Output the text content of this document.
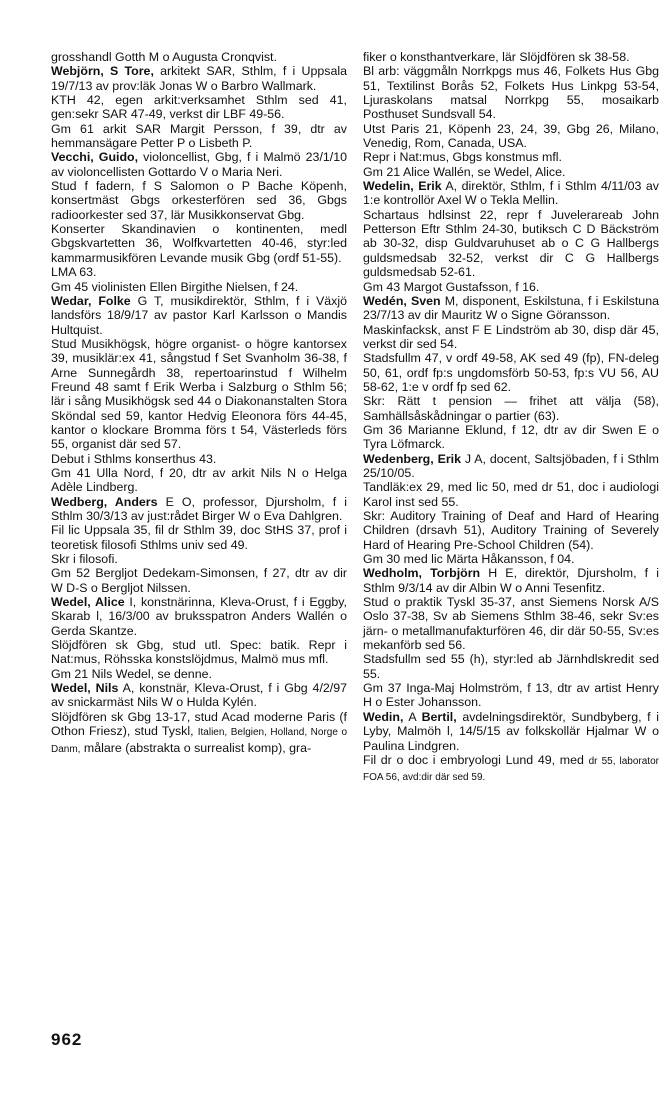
grosshandl Gotth M o Augusta Cronqvist.

Webjörn, S Tore, arkitekt SAR, Sthlm, f i Uppsala 19/7/13 av prov:läk Jonas W o Barbro Wallmark.

KTH 42, egen arkit:verksamhet Sthlm sed 41, gen:sekr SAR 47-49, verkst dir LBF 49-56.

Gm 61 arkit SAR Margit Persson, f 39, dtr av hemmansägare Petter P o Lisbeth P.

Vecchi, Guido, violoncellist, Gbg, f i Malmö 23/1/10 av violoncellisten Gottardo V o Maria Neri.

Stud f fadern, f S Salomon o P Bache Köpenh, konsertmäst Gbgs orkesterfören sed 36, Gbgs radioorkester sed 37, lär Musikkonservat Gbg.

Konserter Skandinavien o kontinenten, medl Gbgskvartetten 36, Wolfkvartetten 40-46, styr:led kammarmusikfören Levande musik Gbg (ordf 51-55).

LMA 63.

Gm 45 violinisten Ellen Birgithe Nielsen, f 24.

Wedar, Folke G T, musikdirektör, Sthlm, f i Växjö landsförs 18/9/17 av pastor Karl Karlsson o Mandis Hultquist.

Stud Musikhögsk, högre organist- o högre kantorsex 39, musiklär:ex 41, sångstud f Set Svanholm 36-38, f Arne Sunnegårdh 38, repertoarinstud f Wilhelm Freund 48 samt f Erik Werba i Salzburg o Sthlm 56; lär i sång Musikhögsk sed 44 o Diakonanstalten Stora Sköndal sed 59, kantor Hedvig Eleonora förs 44-45, kantor o klockare Bromma förs t 54, Västerleds förs 55, organist där sed 57.

Debut i Sthlms konserthus 43.

Gm 41 Ulla Nord, f 20, dtr av arkit Nils N o Helga Adèle Lindberg.

Wedberg, Anders E O, professor, Djursholm, f i Sthlm 30/3/13 av just:rådet Birger W o Eva Dahlgren.

Fil lic Uppsala 35, fil dr Sthlm 39, doc StHS 37, prof i teoretisk filosofi Sthlms univ sed 49.

Skr i filosofi.

Gm 52 Bergljot Dedekam-Simonsen, f 27, dtr av dir W D-S o Bergljot Nilssen.

Wedel, Alice I, konstnärinna, Kleva-Orust, f i Eggby, Skarab l, 16/3/00 av bruksspatron Anders Wallén o Gerda Skantze.

Slöjdfören sk Gbg, stud utl. Spec: batik. Repr i Nat:mus, Röhsska konstslöjdmus, Malmö mus mfl.

Gm 21 Nils Wedel, se denne.

Wedel, Nils A, konstnär, Kleva-Orust, f i Gbg 4/2/97 av snickarmäst Nils W o Hulda Kylén.

Slöjdfören sk Gbg 13-17, stud Acad moderne Paris (f Othon Friesz), stud Tyskl, Italien, Belgien, Holland, Norge o Danm, målare (abstrakta o surrealist komp), gra-

fiker o konsthantverkare, lär Slöjdfören sk 38-58.

Bl arb: väggmåln Norrkpgs mus 46, Folkets Hus Gbg 51, Textilinst Borås 52, Folkets Hus Linkpg 53-54, Ljuraskolans matsal Norrkpg 55, mosaikarb Posthuset Sundsvall 54.

Utst Paris 21, Köpenh 23, 24, 39, Gbg 26, Milano, Venedig, Rom, Canada, USA.

Repr i Nat:mus, Gbgs konstmus mfl.

Gm 21 Alice Wallén, se Wedel, Alice.

Wedelin, Erik A, direktör, Sthlm, f i Sthlm 4/11/03 av 1:e kontrollör Axel W o Tekla Mellin.

Schartaus hdlsinst 22, repr f Juvelerareab John Petterson Eftr Sthlm 24-30, butiksch C D Bäckström ab 30-32, disp Guldvaruhuset ab o C G Hallbergs guldsmedsab 32-52, verkst dir C G Hallbergs guldsmedsab 52-61.

Gm 43 Margot Gustafsson, f 16.

Wedén, Sven M, disponent, Eskilstuna, f i Eskilstuna 23/7/13 av dir Mauritz W o Signe Göransson.

Maskinfacksk, anst F E Lindström ab 30, disp där 45, verkst dir sed 54.

Stadsfullm 47, v ordf 49-58, AK sed 49 (fp), FN-deleg 50, 61, ordf fp:s ungdomsförb 50-53, fp:s VU 56, AU 58-62, 1:e v ordf fp sed 62.

Skr: Rätt t pension — frihet att välja (58), Samhällsåskådningar o partier (63).

Gm 36 Marianne Eklund, f 12, dtr av dir Swen E o Tyra Löfmarck.

Wedenberg, Erik J A, docent, Saltsjöbaden, f i Sthlm 25/10/05.

Tandläk:ex 29, med lic 50, med dr 51, doc i audiologi Karol inst sed 55.

Skr: Auditory Training of Deaf and Hard of Hearing Children (drsavh 51), Auditory Training of Severely Hard of Hearing Pre-School Children (54).

Gm 30 med lic Märta Håkansson, f 04.

Wedholm, Torbjörn H E, direktör, Djursholm, f i Sthlm 9/3/14 av dir Albin W o Anni Tesenfitz.

Stud o praktik Tyskl 35-37, anst Siemens Norsk A/S Oslo 37-38, Sv ab Siemens Sthlm 38-46, sekr Sv:es järn- o metallmanufakturfören 46, dir där 50-55, Sv:es mekanförb sed 56.

Stadsfullm sed 55 (h), styr:led ab Järnhdlskredit sed 55.

Gm 37 Inga-Maj Holmström, f 13, dtr av artist Henry H o Ester Johansson.

Wedin, A Bertil, avdelningsdirektör, Sundbyberg, f i Lyby, Malmöh l, 14/5/15 av folkskollär Hjalmar W o Paulina Lindgren.

Fil dr o doc i embryologi Lund 49, med dr 55, laborator FOA 56, avd:dir där sed 59.

962
